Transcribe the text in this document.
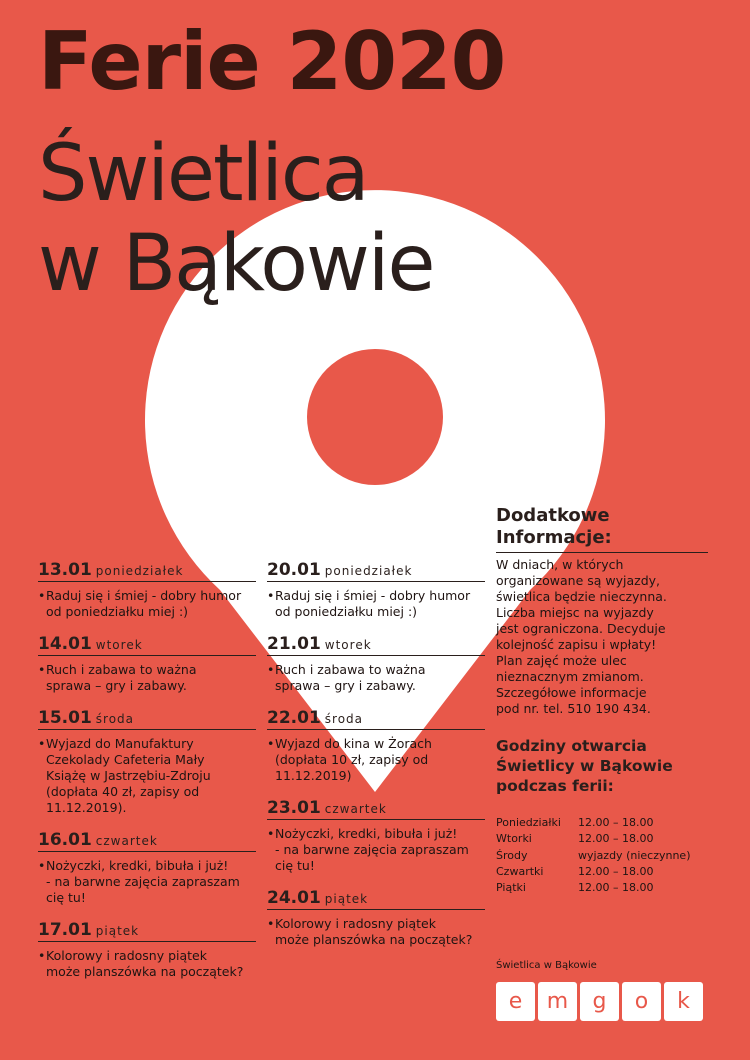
Ferie 2020
Świetlica
w Bąkowie
13.01 poniedziałek
• Raduj się i śmiej - dobry humor
od poniedziałku miej :)
14.01 wtorek
• Ruch i zabawa to ważna
sprawa – gry i zabawy.
15.01 środa
• Wyjazd do Manufaktury
Czekolady Cafeteria Mały
Książę w Jastrzębiu-Zdroju
(dopłata 40 zł, zapisy od
11.12.2019).
16.01 czwartek
• Nożyczki, kredki, bibuła i już!
- na barwne zajęcia zapraszam
cię tu!
17.01 piątek
• Kolorowy i radosny piątek
może planszówka na początek?
20.01 poniedziałek
• Raduj się i śmiej - dobry humor
od poniedziałku miej :)
21.01 wtorek
• Ruch i zabawa to ważna
sprawa – gry i zabawy.
22.01 środa
• Wyjazd do kina w Żorach
(dopłata 10 zł, zapisy od
11.12.2019)
23.01 czwartek
• Nożyczki, kredki, bibuła i już!
- na barwne zajęcia zapraszam
cię tu!
24.01 piątek
• Kolorowy i radosny piątek
może planszówka na początek?
Dodatkowe
Informacje:
W dniach, w których
organizowane są wyjazdy,
świetlica będzie nieczynna.
Liczba miejsc na wyjazdy
jest ograniczona. Decyduje
kolejność zapisu i wpłaty!
Plan zajęć może ulec
nieznacznym zmianom.
Szczegółowe informacje
pod nr. tel. 510 190 434.
Godziny otwarcia
Świetlicy w Bąkowie
podczas ferii:
Poniedziałki	12.00 – 18.00
Wtorki	12.00 – 18.00
Środy	wyjazdy (nieczynne)
Czwartki	12.00 – 18.00
Piątki	12.00 – 18.00
Świetlica w Bąkowie
e	m	g	o	k
